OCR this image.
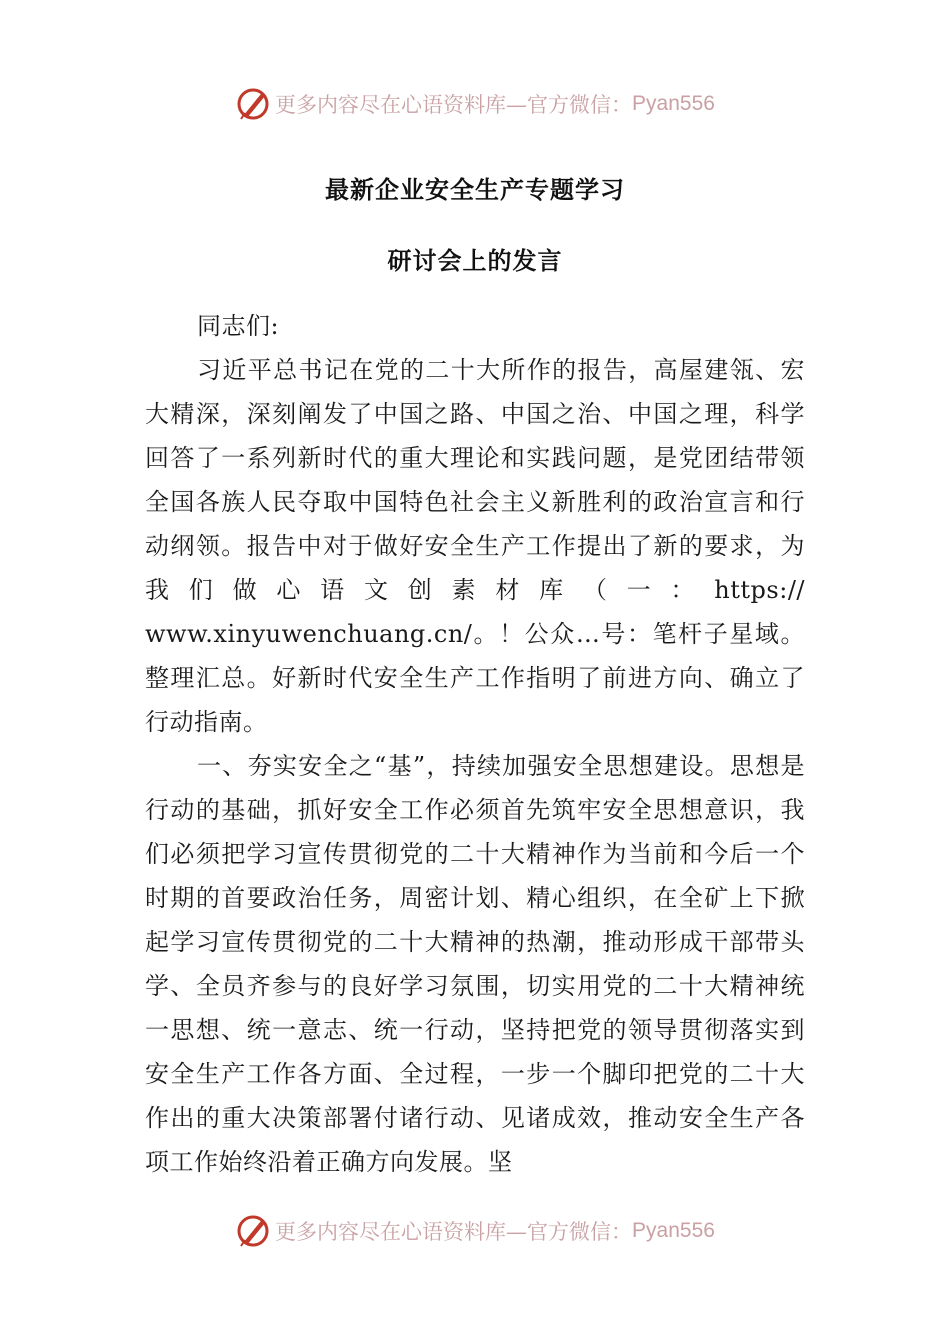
更多内容尽在心语资料库—官方微信： Pyan556
最新企业安全生产专题学习
研讨会上的发言

同志们:

习近平总书记在党的二十大所作的报告，高屋建瓴、宏大精深，深刻阐发了中国之路、中国之治、中国之理，科学回答了一系列新时代的重大理论和实践问题，是党团结带领全国各族人民夺取中国特色社会主义新胜利的政治宣言和行动纲领。报告中对于做好安全生产工作提出了新的要求，为我们做心语文创素材库（一：https:// www.xinyuwenchuang.cn/。！公众…号：笔杆子星域。整理汇总。好新时代安全生产工作指明了前进方向、确立了行动指南。

一、夯实安全之“基”，持续加强安全思想建设。思想是行动的基础，抓好安全工作必须首先筑牢安全思想意识，我们必须把学习宣传贯彻党的二十大精神作为当前和今后一个时期的首要政治任务，周密计划、精心组织，在全矿上下掀起学习宣传贯彻党的二十大精神的热潮，推动形成干部带头学、全员齐参与的良好学习氛围，切实用党的二十大精神统一思想、统一意志、统一行动，坚持把党的领导贯彻落实到安全生产工作各方面、全过程，一步一个脚印把党的二十大作出的重大决策部署付诸行动、见诸成效，推动安全生产各项工作始终沿着正确方向发展。坚

更多内容尽在心语资料库—官方微信： Pyan556
